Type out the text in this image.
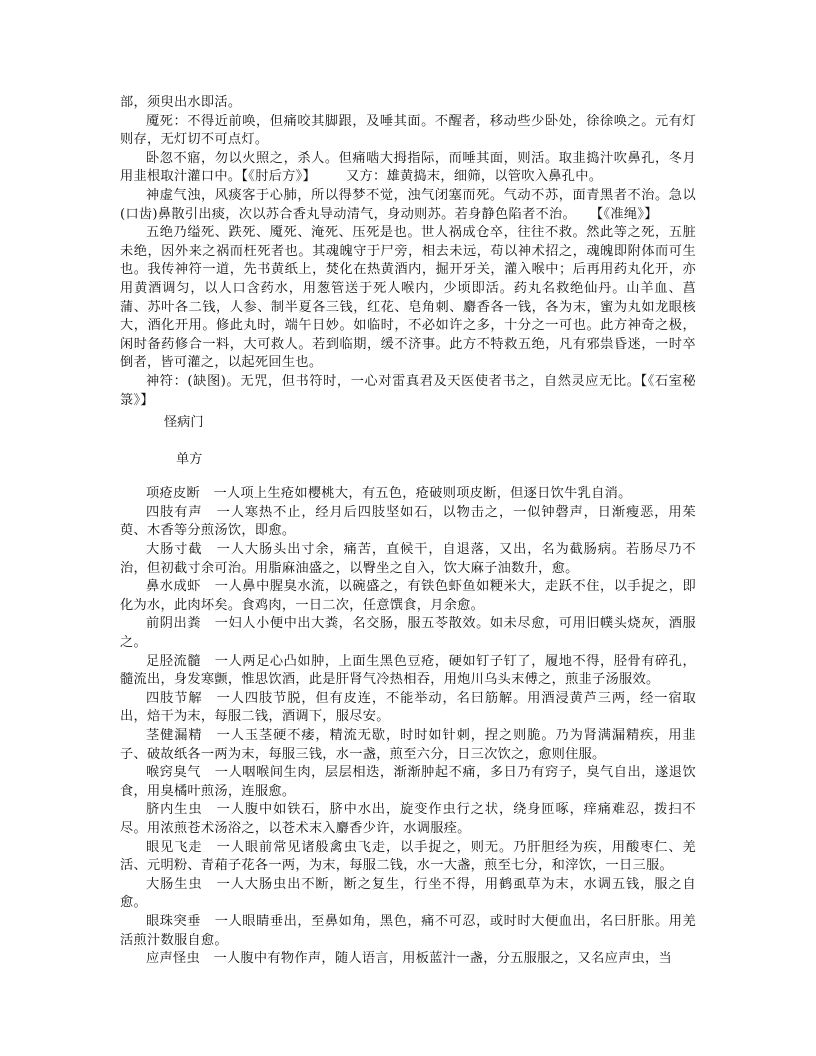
部，须臾出水即活。

魇死：不得近前唤，但痛咬其脚跟，及唾其面。不醒者，移动些少卧处，徐徐唤之。元有灯则存，无灯切不可点灯。

卧忽不寤，勿以火照之，杀人。但痛啮大拇指际，而唾其面，则活。取韭捣汁吹鼻孔，冬月用韭根取汁灌口中。【《肘后方》】 又方：雄黄捣末，细筛，以管吹入鼻孔中。

神虚气浊，风痰客于心肺，所以得梦不觉，浊气闭塞而死。气动不苏，面青黑者不治。急以(口齿)鼻散引出痰，次以苏合香丸导动清气，身动则苏。若身静色陷者不治。 【《准绳》】

五绝乃缢死、跌死、魇死、淹死、压死是也。世人祸成仓卒，往往不救。然此等之死，五脏未绝，因外来之祸而枉死者也。其魂魄守于尸旁，相去未远，苟以神术招之，魂魄即附体而可生也。我传神符一道，先书黄纸上，焚化在热黄酒内，掘开牙关，灌入喉中；后再用药丸化开，亦用黄酒调匀，以人口含药水，用葱管送于死人喉内，少顷即活。药丸名救绝仙丹。山羊血、菖蒲、苏叶各二钱，人参、制半夏各三钱，红花、皂角刺、麝香各一钱，各为末，蜜为丸如龙眼核大，酒化开用。修此丸时，端午日妙。如临时，不必如许之多，十分之一可也。此方神奇之极，闲时备药修合一料，大可救人。若到临期，缓不济事。此方不特救五绝，凡有邪祟昏迷，一时卒倒者，皆可灌之，以起死回生也。

神符：(缺图)。无咒，但书符时，一心对雷真君及天医使者书之，自然灵应无比。【《石室秘箓》】

怪病门
单方

项疮皮断　 一人项上生疮如樱桃大，有五色，疮破则项皮断，但逐日饮牛乳自消。

四肢有声　 一人寒热不止，经月后四肢坚如石，以物击之，一似钟磬声，日渐瘦恶，用茱萸、木香等分煎汤饮，即愈。

大肠寸截　 一人大肠头出寸余，痛苦，直候干，自退落，又出，名为截肠病。若肠尽乃不治，但初截寸余可治。用脂麻油盛之，以臀坐之自入，饮大麻子油数升，愈。

鼻水成虾　 一人鼻中腥臭水流，以碗盛之，有铁色虾鱼如粳米大，走跃不住，以手捉之，即化为水，此肉坏矣。食鸡肉，一日二次，任意馔食，月余愈。

前阴出粪　 一妇人小便中出大粪，名交肠，服五苓散效。如未尽愈，可用旧幞头烧灰，酒服之。

足胫流髓　 一人两足心凸如肿，上面生黑色豆疮，硬如钉子钉了，履地不得，胫骨有碎孔，髓流出，身发寒颤，惟思饮酒，此是肝肾气冷热相吞，用炮川乌头末傅之，煎韭子汤服效。

四肢节解　 一人四肢节脱，但有皮连，不能举动，名曰筋解。用酒浸黄芦三两，经一宿取出，焙干为末，每服二钱，酒调下，服尽安。

茎健漏精　 一人玉茎硬不痿，精流无歇，时时如针刺，捏之则脆。乃为肾满漏精疾，用韭子、破故纸各一两为末，每服三钱，水一盏，煎至六分，日三次饮之，愈则住服。

喉窍臭气　 一人咽喉间生肉，层层相迭，渐渐肿起不痛，多日乃有窍子，臭气自出，遂退饮食，用臭橘叶煎汤，连服愈。

脐内生虫　 一人腹中如铁石，脐中水出，旋变作虫行之状，绕身匝啄，痒痛难忍，拨扫不尽。用浓煎苍术汤浴之，以苍术末入麝香少许，水调服痊。

眼见飞走　 一人眼前常见诸般禽虫飞走，以手捉之，则无。乃肝胆经为疾，用酸枣仁、羌活、元明粉、青葙子花各一两，为末，每服二钱，水一大盏，煎至七分，和滓饮，一日三服。

大肠生虫　 一人大肠虫出不断，断之复生，行坐不得，用鹤虱草为末，水调五钱，服之自愈。

眼珠突垂　 一人眼睛垂出，至鼻如角，黑色，痛不可忍，或时时大便血出，名曰肝胀。用羌活煎汁数服自愈。

应声怪虫　 一人腹中有物作声，随人语言，用板蓝汁一盏，分五服服之，又名应声虫，当
